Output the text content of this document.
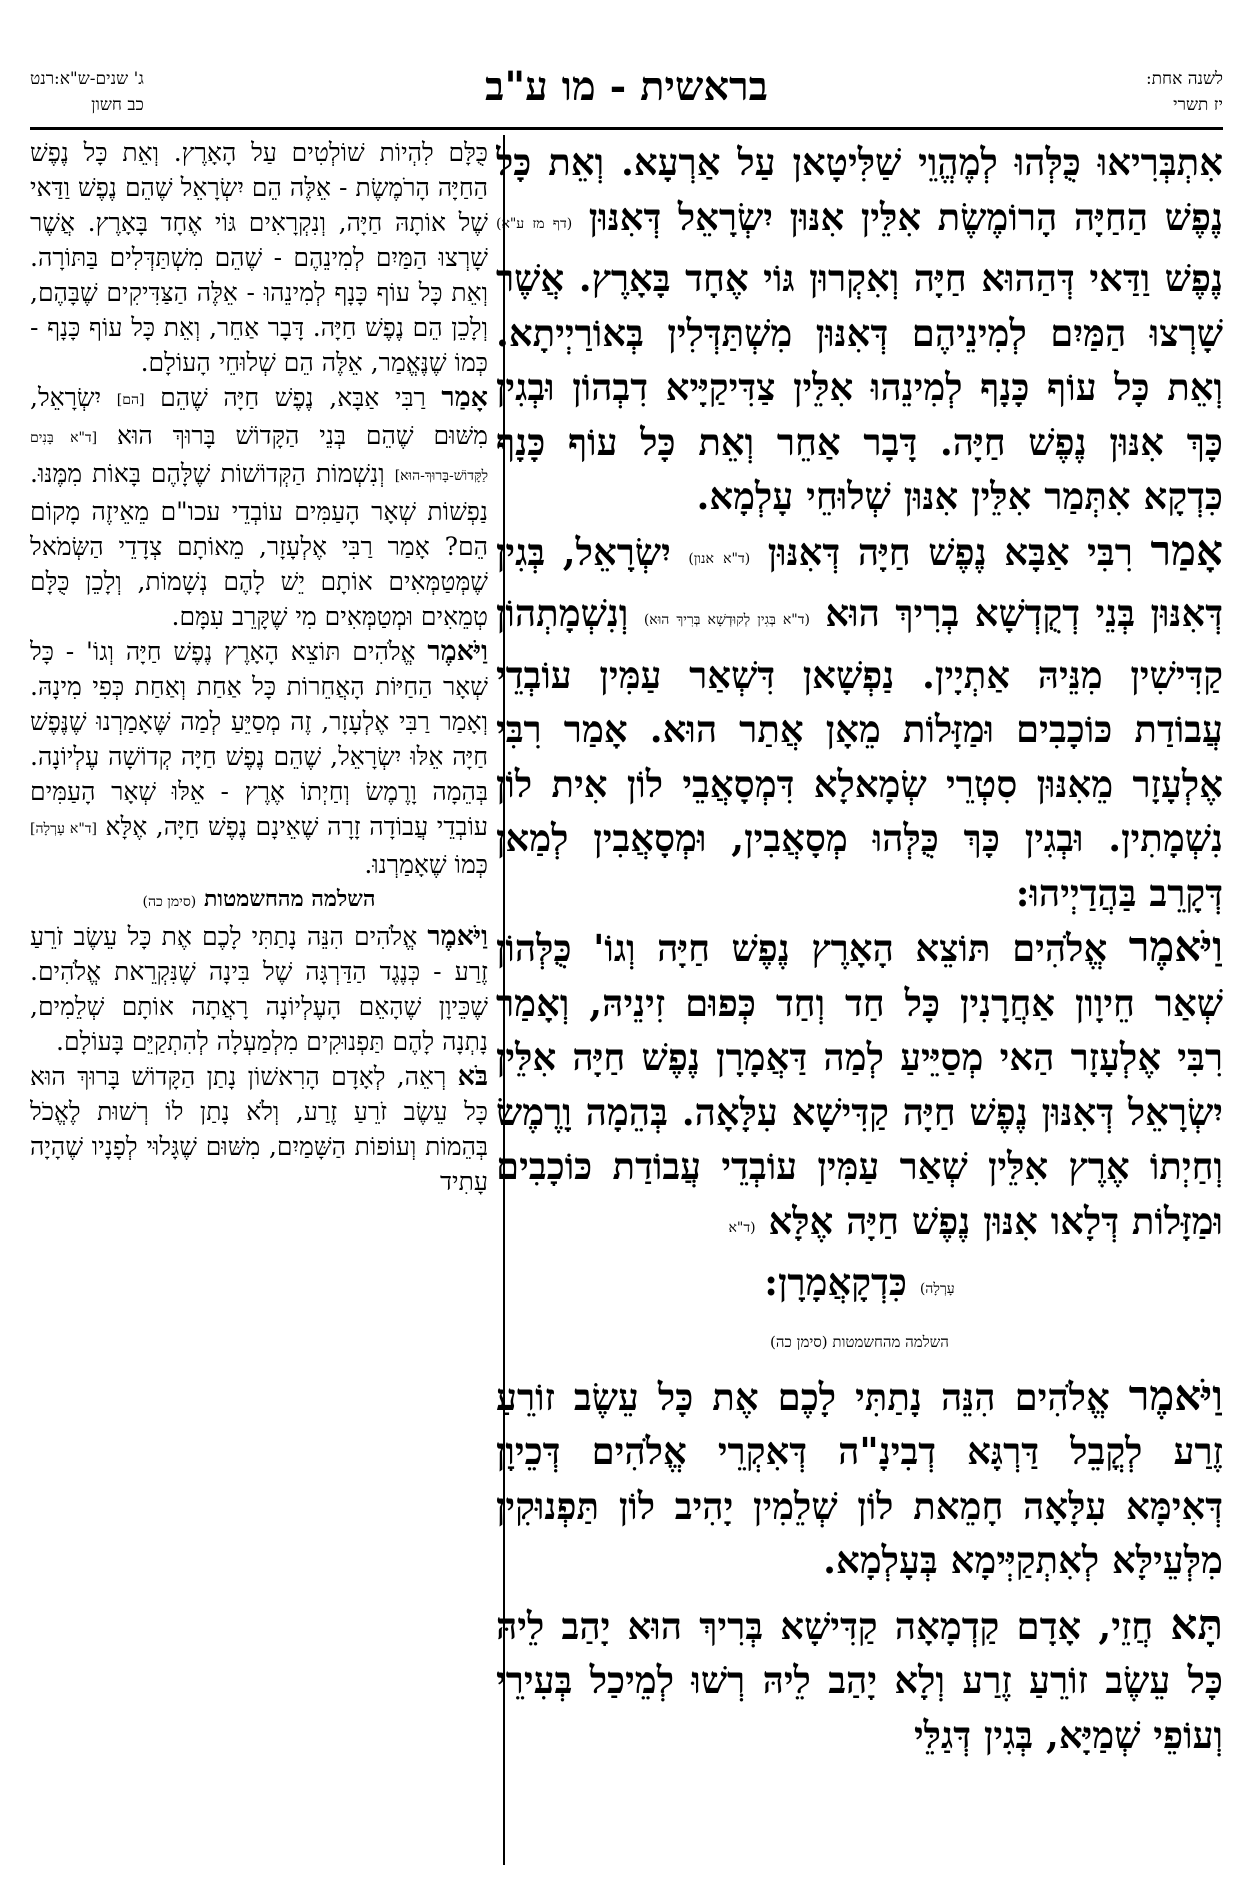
לשנה אחת:
יז תשרי
בראשית - מו ע"ב
ג' שנים-ש"א:
כב חשון
רנט

אִתְבְּרִיאוּ כֻּלְּהוּ לְמֶהֱוֵי שַׁלִּיטָאן עַל אַרְעָא. וְאֵת כָּל נֶפֶשׁ הַחַיָּה הָרוֹמֶשֶׂת אִלֵּין אִנּוּן יִשְׂרָאֵל דְּאִנּוּן (דף מז ע"א) נֶפֶשׁ וַדַּאי דְּהַהוּא חַיָּה וְאִקְרוּן גּוֹי אֶחָד בָּאָרֶץ. אֲשֶׁר שָׁרְצוּ הַמַּיִם לְמִינֵיהֶם דְּאִנּוּן מִשְׁתַּדְּלִין בְּאוֹרַיְיתָא. וְאֵת כָּל עוֹף כָּנָף לְמִינֵהוּ אִלֵּין צַדִּיקַיָּיא דִבְהוֹן וּבְגִין כָּךְ אִנּוּן נֶפֶשׁ חַיָּה. דָּבָר אַחֵר וְאֵת כָּל עוֹף כָּנָף כִּדְקָא אִתְּמַר אִלֵּין אִנּוּן שְׁלוּחֵי עָלְמָא.

אָמַר רִבִּי אַבָּא נֶפֶשׁ חַיָּה דְּאִנּוּן (ד"א אנון) יִשְׂרָאֵל, בְּגִין דְּאִנּוּן בְּנֵי דְקֻדְשָׁא בְרִיךְ הוּא (ד"א בְּגִין לְקוּדְשָׁא בְּרִיךְ הוּא) וְנִשְׁמָתְהוֹן קַדִּישִׁין מִנֵּיהּ אַתְיָין. נַפְשָׁאן דִּשְׁאַר עַמִּין עוֹבְדֵי עֲבוֹדַת כּוֹכָבִים וּמַזָּלוֹת מֵאָן אֲתַר הוּא. אָמַר רִבִּי אֶלְעָזָר מֵאִנּוּן סִטְרֵי שְׂמָאלָא דִּמְסָאֲבֵי לוֹן אִית לוֹן נִשְׁמָתִין. וּבְגִין כָּךְ כֻּלְּהוּ מְסָאֲבִין, וּמְסָאֲבִין לְמַאן דְּקָרֵב בַּהֲדַיְיהוּ:

וַיֹּאמֶר אֱלֹהִים תּוֹצֵא הָאָרֶץ נֶפֶשׁ חַיָּה וְגוֹ' כֻּלְּהוֹן שְׁאַר חֵיוָון אַחֲרָנִין כָּל חַד וְחַד כְּפוּם זִינֵיהּ, וְאָמַר רִבִּי אֶלְעָזָר הַאי מְסַיֵּיעַ לְמַה דַּאֲמָרָן נֶפֶשׁ חַיָּה אִלֵּין יִשְׂרָאֵל דְּאִנּוּן נֶפֶשׁ חַיָּה קַדִּישָׁא עִלָּאָה. בְּהֵמָה וָרֶמֶשׂ וְחַיְתוֹ אֶרֶץ אִלֵּין שְׁאַר עַמִּין עוֹבְדֵי עֲבוֹדַת כּוֹכָבִים וּמַזָּלוֹת דְּלָאו אִנּוּן נֶפֶשׁ חַיָּה אֶלָּא (ד"א

עָרְלָה) כִּדְקָאֲמָרָן:

השלמה מהחשמטות (סימן כה)

וַיֹּאמֶר אֱלֹהִים הִנֵּה נָתַתִּי לָכֶם אֶת כָּל עֵשֶׂב זוֹרֵעַ זֶרַע לְקֳבֵל דַּרְגָּא דְבִינָ"ה דְּאִקְרֵי אֱלֹהִים דְּכֵיוָן דְּאִימָּא עִלָּאָה חָמֵאת לוֹן שְׁלֵמִין יָהִיב לוֹן תַּפְנוּקִין מִלְּעֵילָּא לְאִתְקַיְּימָא בְּעָלְמָא.

תָּא חֲזֵי, אָדָם קַדְמָאָה קַדִּישָׁא בְּרִיךְ הוּא יָהַב לֵיהּ כָּל עֵשֶׂב זוֹרֵעַ זֶרַע וְלָא יָהַב לֵיהּ רְשׁוּ לְמֵיכַל בְּעִירֵי וְעוֹפֵי שְׁמַיָּא, בְּגִין דְּגַלֵּי

כֻּלָּם לִהְיוֹת שׁוֹלְטִים עַל הָאָרֶץ. וְאֵת כָּל נֶפֶשׁ הַחַיָּה הָרֹמֶשֶׂת - אֵלֶּה הֵם יִשְׂרָאֵל שֶׁהֵם נֶפֶשׁ וַדַּאי שֶׁל אוֹתָהּ חַיָּה, וְנִקְרָאִים גּוֹי אֶחָד בָּאָרֶץ. אֲשֶׁר שָׁרְצוּ הַמַּיִם לְמִינֵהֶם - שֶׁהֵם מִשְׁתַּדְּלִים בַּתּוֹרָה. וְאֵת כָּל עוֹף כָּנָף לְמִינֵהוּ - אֵלֶּה הַצַּדִּיקִים שֶׁבָּהֶם, וְלָכֵן הֵם נֶפֶשׁ חַיָּה. דָּבָר אַחֵר, וְאֵת כָּל עוֹף כָּנָף - כְּמוֹ שֶׁנֶּאֱמַר, אֵלֶּה הֵם שְׁלוּחֵי הָעוֹלָם.

אָמַר רַבִּי אַבָּא, נֶפֶשׁ חַיָּה שֶׁהֵם [הם] יִשְׂרָאֵל, מִשּׁוּם שֶׁהֵם בְּנֵי הַקָּדוֹשׁ בָּרוּךְ הוּא [ד"א בָּנִים לַקָּדוֹשׁ-בָּרוּךְ-הוּא] וְנִשְׁמוֹת הַקְּדוֹשׁוֹת שֶׁלָּהֶם בָּאוֹת מִמֶּנּוּ. נַפְשׁוֹת שְׁאָר הָעַמִּים עוֹבְדֵי עכו"ם מֵאֵיזֶה מָקוֹם הֵם? אָמַר רַבִּי אֶלְעָזָר, מֵאוֹתָם צְדָדֵי הַשְּׂמֹאל שֶׁמְּטַמְּאִים אוֹתָם יֵשׁ לָהֶם נְשָׁמוֹת, וְלָכֵן כֻּלָּם טְמֵאִים וּמְטַמְּאִים מִי שֶׁקָּרֵב עִמָּם.

וַיֹּאמֶר אֱלֹהִים תּוֹצֵא הָאָרֶץ נֶפֶשׁ חַיָּה וְגוֹ' - כָּל שְׁאָר הַחַיּוֹת הָאֲחֵרוֹת כָּל אַחַת וְאַחַת כְּפִי מִינָהּ. וְאָמַר רַבִּי אֶלְעָזָר, זֶה מְסַיֵּעַ לְמַה שֶּׁאָמַרְנוּ שֶׁנֶּפֶשׁ חַיָּה אֵלּוּ יִשְׂרָאֵל, שֶׁהֵם נֶפֶשׁ חַיָּה קְדוֹשָׁה עֶלְיוֹנָה. בְּהֵמָה וָרֶמֶשׂ וְחַיְתוֹ אֶרֶץ - אֵלּוּ שְׁאָר הָעַמִּים עוֹבְדֵי עֲבוֹדָה זָרָה שֶׁאֵינָם נֶפֶשׁ חַיָּה, אֶלָּא [ד"א עָרְלָה] כְּמוֹ שֶׁאָמַרְנוּ.

השלמה מהחשמטות (סימן כה)

וַיֹּאמֶר אֱלֹהִים הִנֵּה נָתַתִּי לָכֶם אֶת כָּל עֵשֶׂב זֹרֵעַ זֶרַע - כְּנֶגֶד הַדַּרְגָּה שֶׁל בִּינָה שֶׁנִּקְרֵאת אֱלֹהִים. שֶׁכֵּיוָן שֶׁהָאֵם הָעֶלְיוֹנָה רָאֲתָה אוֹתָם שְׁלֵמִים, נָתְנָה לָהֶם תַּפְנוּקִים מִלְמַעְלָה לְהִתְקַיֵּם בָּעוֹלָם.

בֹּא רְאֵה, לְאָדָם הָרִאשׁוֹן נָתַן הַקָּדוֹשׁ בָּרוּךְ הוּא כָּל עֵשֶׂב זֹרֵעַ זֶרַע, וְלֹא נָתַן לוֹ רְשׁוּת לֶאֱכֹל בְּהֵמוֹת וְעוֹפוֹת הַשָּׁמַיִם, מִשּׁוּם שֶׁגָּלוּי לְפָנָיו שֶׁהָיָה עָתִיד
